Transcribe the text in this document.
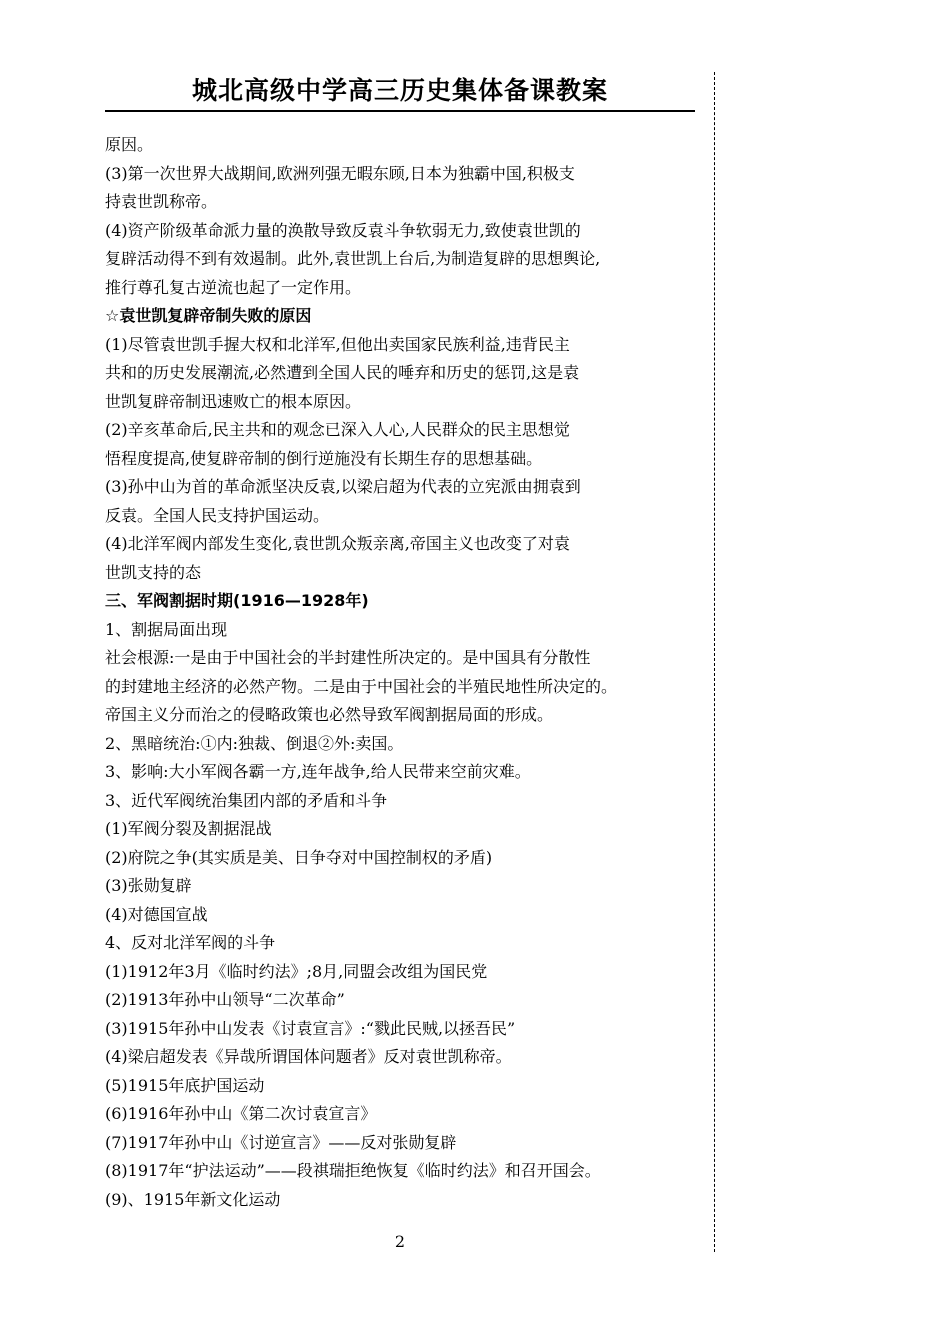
城北高级中学高三历史集体备课教案
原因。
(3)第一次世界大战期间,欧洲列强无暇东顾,日本为独霸中国,积极支
持袁世凯称帝。
(4)资产阶级革命派力量的涣散导致反袁斗争软弱无力,致使袁世凯的
复辟活动得不到有效遏制。此外,袁世凯上台后,为制造复辟的思想舆论,
推行尊孔复古逆流也起了一定作用。
☆袁世凯复辟帝制失败的原因
(1)尽管袁世凯手握大权和北洋军,但他出卖国家民族利益,违背民主
共和的历史发展潮流,必然遭到全国人民的唾弃和历史的惩罚,这是袁
世凯复辟帝制迅速败亡的根本原因。
(2)辛亥革命后,民主共和的观念已深入人心,人民群众的民主思想觉
悟程度提高,使复辟帝制的倒行逆施没有长期生存的思想基础。
(3)孙中山为首的革命派坚决反袁,以梁启超为代表的立宪派由拥袁到
反袁。全国人民支持护国运动。
(4)北洋军阀内部发生变化,袁世凯众叛亲离,帝国主义也改变了对袁
世凯支持的态
三、军阀割据时期(1916—1928年)
1、割据局面出现
社会根源:一是由于中国社会的半封建性所决定的。是中国具有分散性
的封建地主经济的必然产物。二是由于中国社会的半殖民地性所决定的。
帝国主义分而治之的侵略政策也必然导致军阀割据局面的形成。
2、黑暗统治:①内:独裁、倒退②外:卖国。
3、影响:大小军阀各霸一方,连年战争,给人民带来空前灾难。
3、近代军阀统治集团内部的矛盾和斗争
(1)军阀分裂及割据混战
(2)府院之争(其实质是美、日争夺对中国控制权的矛盾)
(3)张勋复辟
(4)对德国宣战
4、反对北洋军阀的斗争
(1)1912年3月《临时约法》;8月,同盟会改组为国民党
(2)1913年孙中山领导“二次革命”
(3)1915年孙中山发表《讨袁宣言》:“戮此民贼,以拯吾民”
(4)梁启超发表《异哉所谓国体问题者》反对袁世凯称帝。
(5)1915年底护国运动
(6)1916年孙中山《第二次讨袁宣言》
(7)1917年孙中山《讨逆宣言》——反对张勋复辟
(8)1917年“护法运动”——段祺瑞拒绝恢复《临时约法》和召开国会。
(9)、1915年新文化运动
2
